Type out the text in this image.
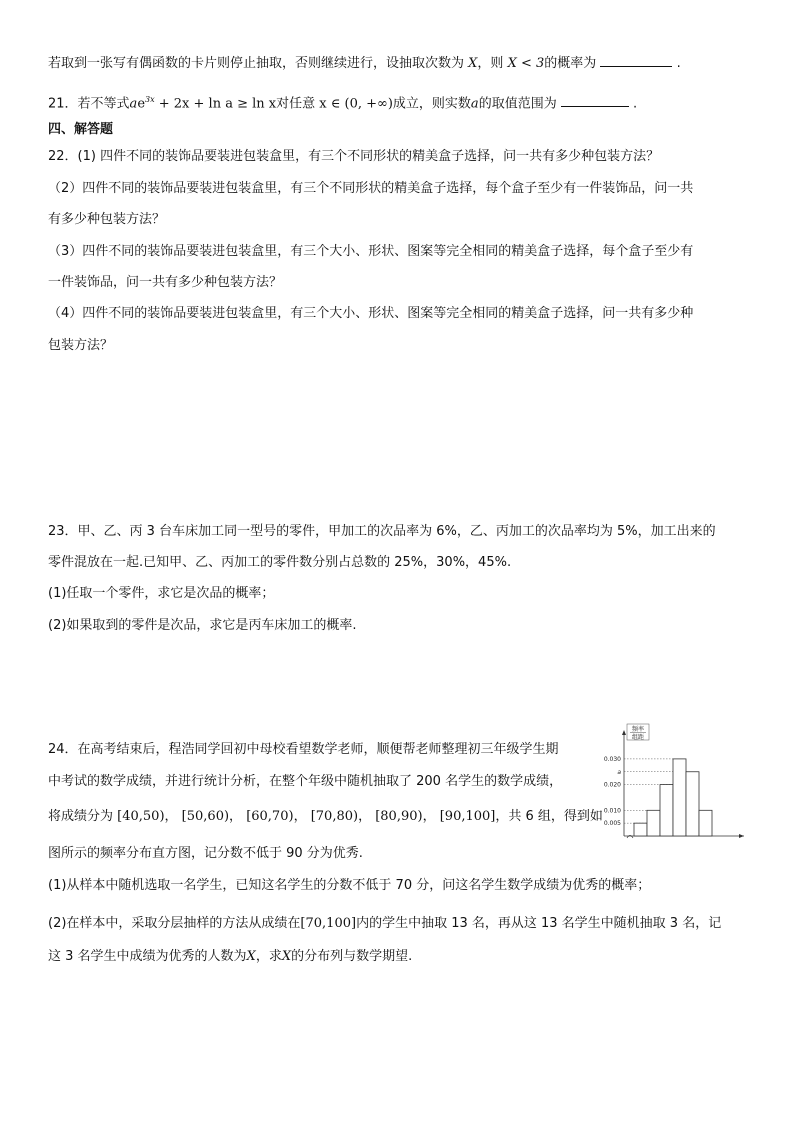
若取到一张写有偶函数的卡片则停止抽取，否则继续进行，设抽取次数为 X，则 X < 3的概率为	.
21．若不等式$ae^{3x} + 2x + \ln a \ge \ln x$对任意 x ∈ (0, +∞)成立，则实数a的取值范围为	.
四、解答题
22．(1) 四件不同的装饰品要装进包装盒里，有三个不同形状的精美盒子选择，问一共有多少种包装方法？
（2）四件不同的装饰品要装进包装盒里，有三个不同形状的精美盒子选择，每个盒子至少有一件装饰品，问一共
有多少种包装方法？
（3）四件不同的装饰品要装进包装盒里，有三个大小、形状、图案等完全相同的精美盒子选择，每个盒子至少有
一件装饰品，问一共有多少种包装方法？
（4）四件不同的装饰品要装进包装盒里，有三个大小、形状、图案等完全相同的精美盒子选择，问一共有多少种
包装方法？
23．甲、乙、丙 3 台车床加工同一型号的零件，甲加工的次品率为 6%，乙、丙加工的次品率均为 5%，加工出来的
零件混放在一起.已知甲、乙、丙加工的零件数分别占总数的 25%，30%，45%.
(1)任取一个零件，求它是次品的概率；
(2)如果取到的零件是次品，求它是丙车床加工的概率.
24．在高考结束后，程浩同学回初中母校看望数学老师，顺便帮老师整理初三年级学生期
中考试的数学成绩，并进行统计分析，在整个年级中随机抽取了 200 名学生的数学成绩，
将成绩分为 [40,50)， [50,60)， [60,70)， [70,80)， [80,90)， [90,100]，共 6 组，得到如
图所示的频率分布直方图，记分数不低于 90 分为优秀.
(1)从样本中随机选取一名学生，已知这名学生的分数不低于 70 分，问这名学生数学成绩为优秀的概率；
(2)在样本中，采取分层抽样的方法从成绩在[70,100]内的学生中抽取 13 名，再从这 13 名学生中随机抽取 3 名，记
这 3 名学生中成绩为优秀的人数为X，求X的分布列与数学期望.
频率
组距
0.005
0.010
0.020
a
0.030
